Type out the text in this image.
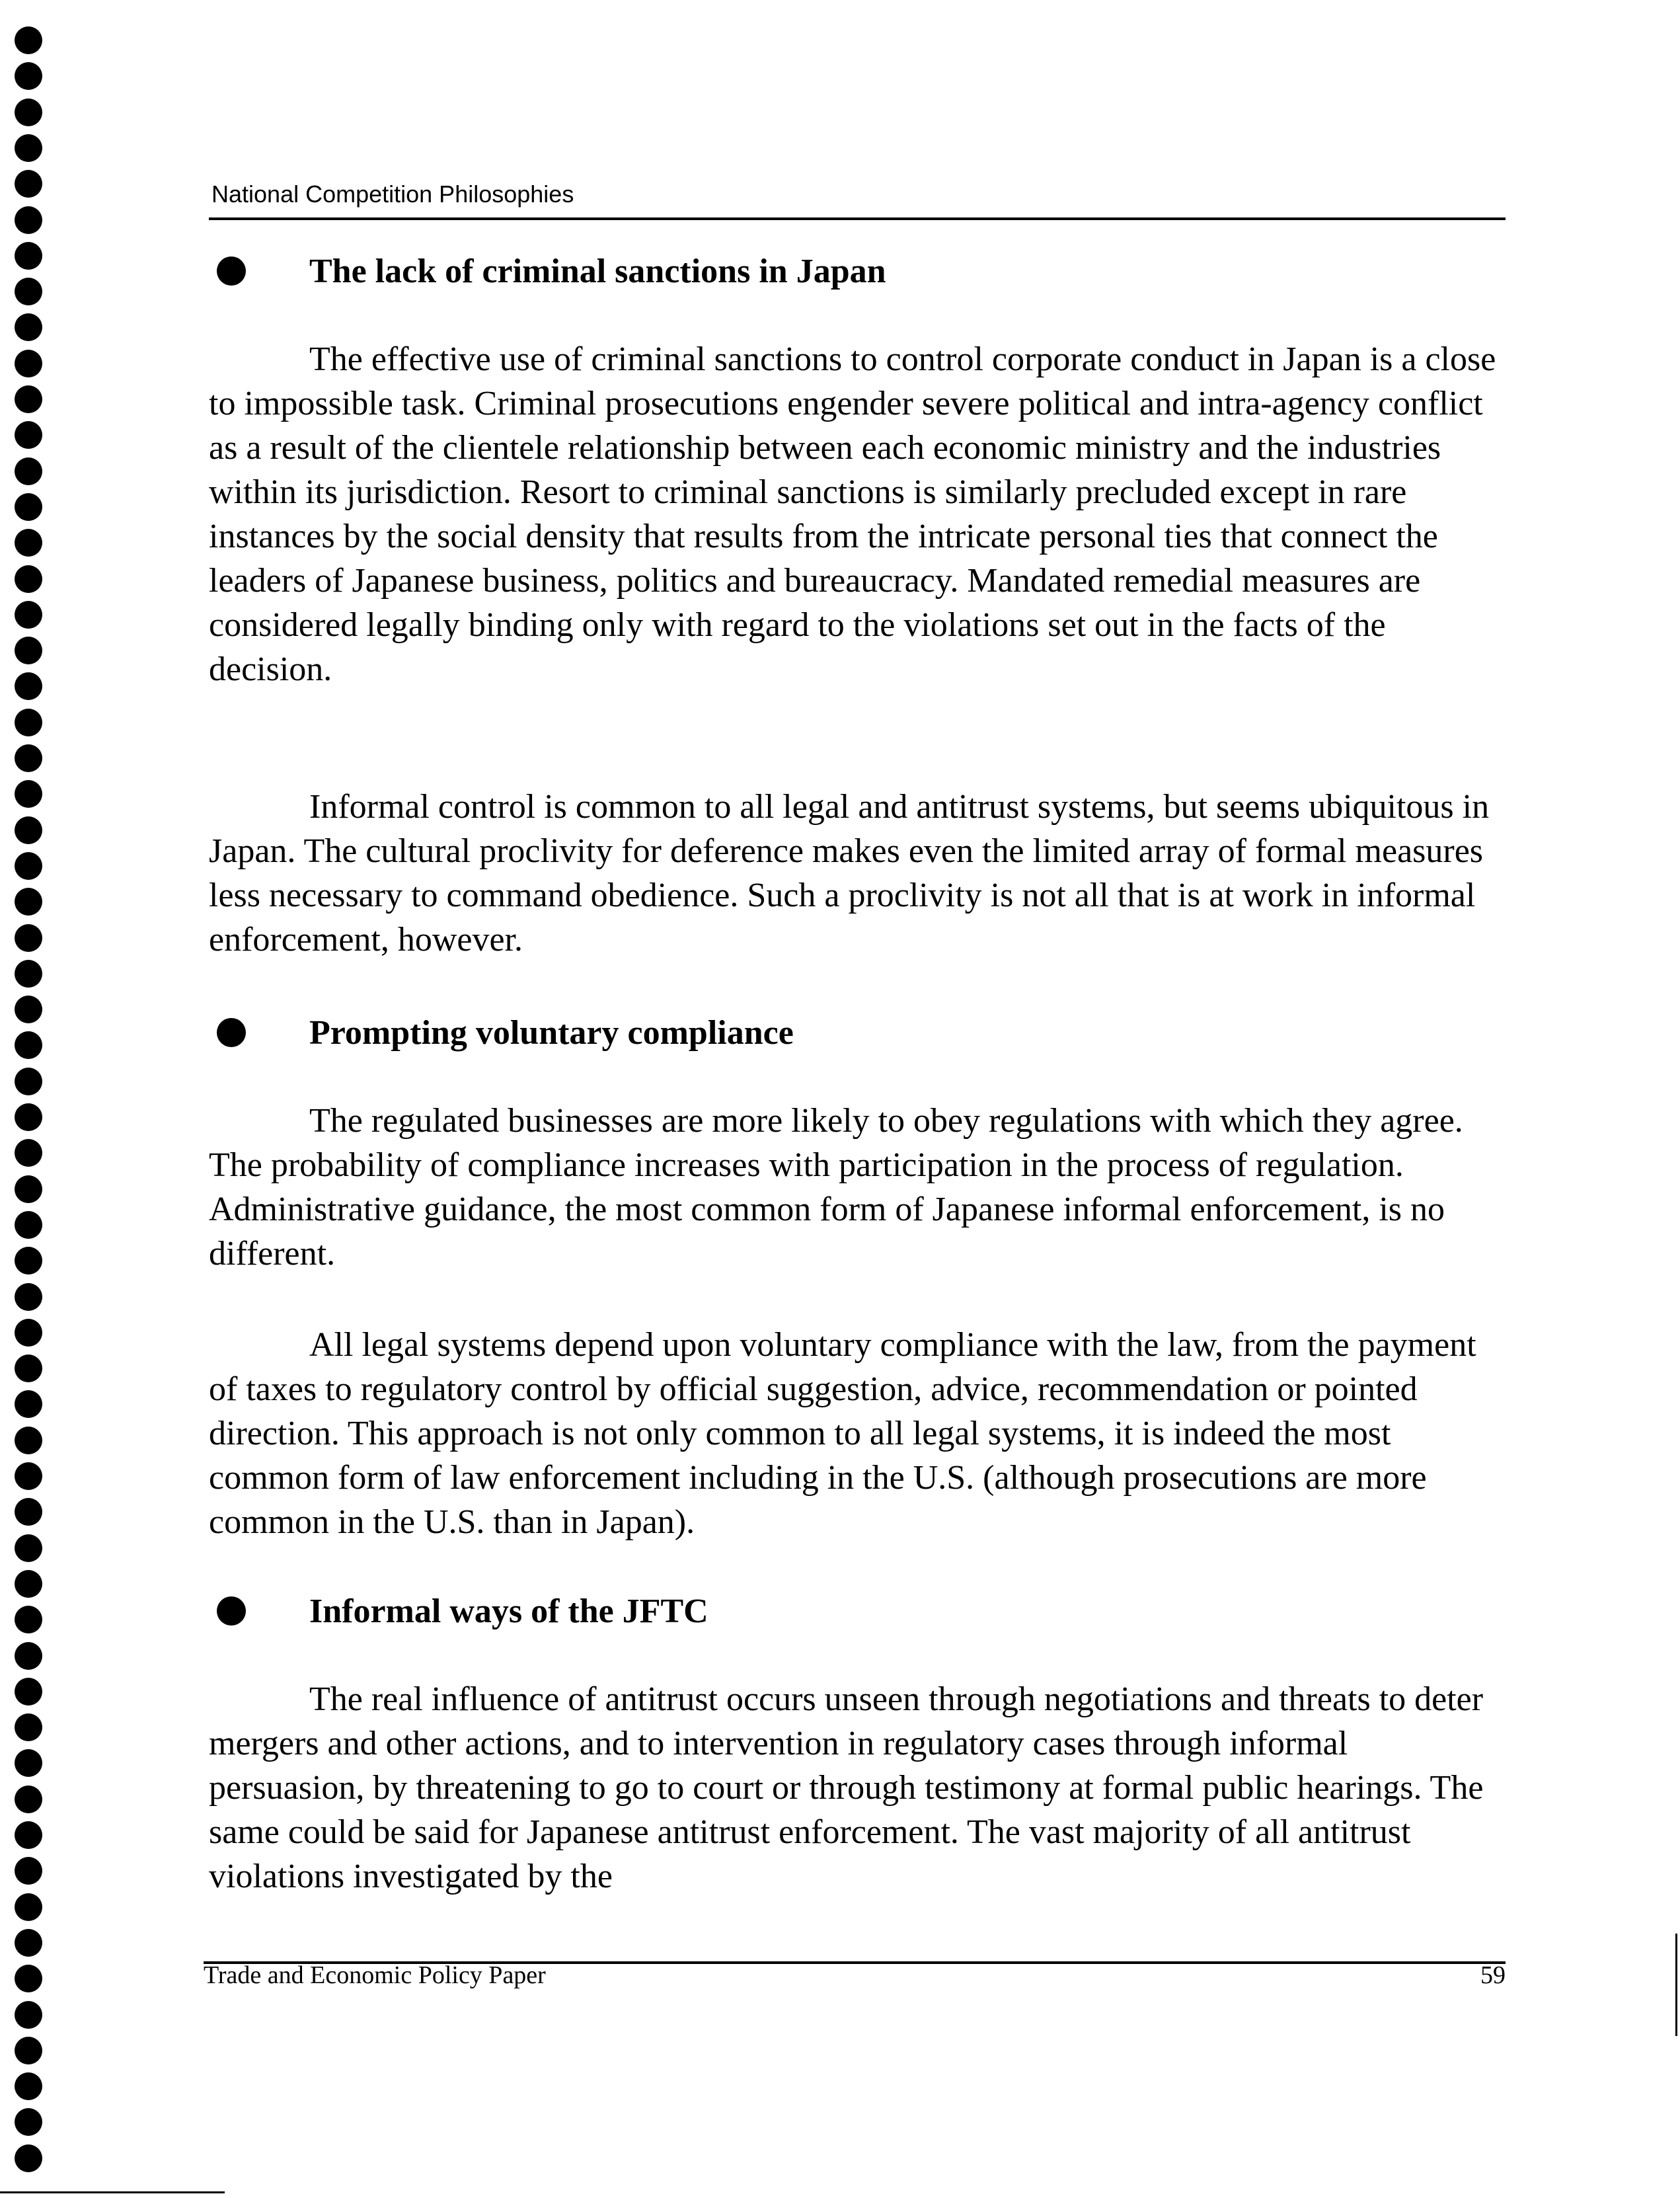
National Competition Philosophies
The lack of criminal sanctions in Japan

The effective use of criminal sanctions to control corporate conduct in Japan is a close to impossible task. Criminal prosecutions engender severe political and intra-agency conflict as a result of the clientele relationship between each economic ministry and the industries within its jurisdiction. Resort to criminal sanctions is similarly precluded except in rare instances by the social density that results from the intricate personal ties that connect the leaders of Japanese business, politics and bureaucracy. Mandated remedial measures are considered legally binding only with regard to the violations set out in the facts of the decision.

Informal control is common to all legal and antitrust systems, but seems ubiquitous in Japan. The cultural proclivity for deference makes even the limited array of formal measures less necessary to command obedience. Such a proclivity is not all that is at work in informal enforcement, however.

Prompting voluntary compliance

The regulated businesses are more likely to obey regulations with which they agree. The probability of compliance increases with participation in the process of regulation. Administrative guidance, the most common form of Japanese informal enforcement, is no different.

All legal systems depend upon voluntary compliance with the law, from the payment of taxes to regulatory control by official suggestion, advice, recommendation or pointed direction. This approach is not only common to all legal systems, it is indeed the most common form of law enforcement including in the U.S. (although prosecutions are more common in the U.S. than in Japan).

Informal ways of the JFTC

The real influence of antitrust occurs unseen through negotiations and threats to deter mergers and other actions, and to intervention in regulatory cases through informal persuasion, by threatening to go to court or through testimony at formal public hearings. The same could be said for Japanese antitrust enforcement. The vast majority of all antitrust violations investigated by the

Trade and Economic Policy Paper	59
